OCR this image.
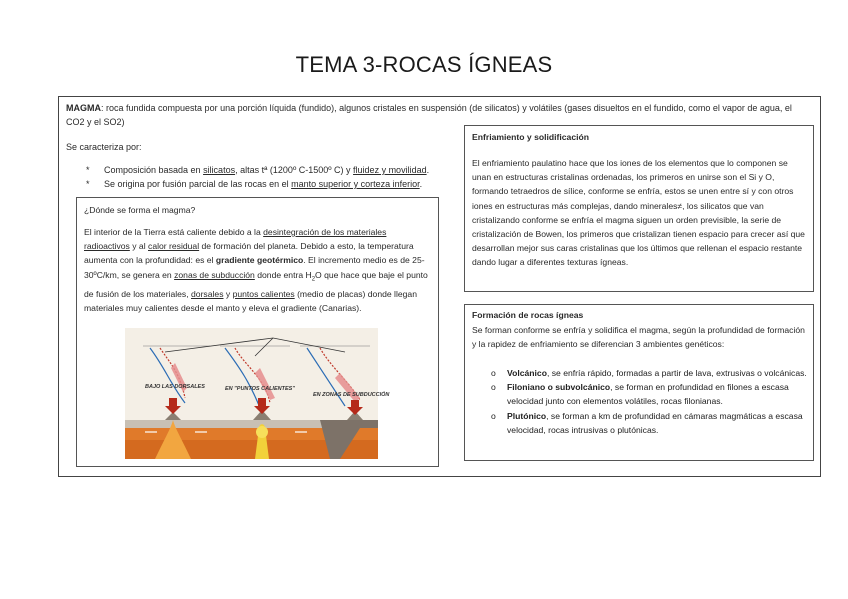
TEMA 3-ROCAS ÍGNEAS
MAGMA: roca fundida compuesta por una porción líquida (fundido), algunos cristales en suspensión (de silicatos) y volátiles (gases disueltos en el fundido, como el vapor de agua, el CO2 y el SO2)
Se caracteriza por:
* Composición basada en silicatos, altas tª (1200º C-1500º C) y fluidez y movilidad.
* Se origina por fusión parcial de las rocas en el manto superior y corteza inferior.
¿Dónde se forma el magma?
El interior de la Tierra está caliente debido a la desintegración de los materiales radioactivos y al calor residual de formación del planeta. Debido a esto, la temperatura aumenta con la profundidad: es el gradiente geotérmico. El incremento medio es de 25-30ºC/km, se genera en zonas de subducción donde entra $H_2O$ que hace que baje el punto de fusión de los materiales, dorsales y puntos calientes (medio de placas) donde llegan materiales muy calientes desde el manto y eleva el gradiente (Canarias).
BAJO LAS DORSALES	EN "PUNTOS CALIENTES"
EN ZONAS DE SUBDUCCIÓN
Enfriamiento y solidificación
El enfriamiento paulatino hace que los iones de los elementos que lo componen se unan en estructuras cristalinas ordenadas, los primeros en unirse son el Si y O, formando tetraedros de sílice, conforme se enfría, estos se unen entre sí y con otros iones en estructuras más complejas, dando minerales≠, los silicatos que van cristalizando conforme se enfría el magma siguen un orden previsible, la serie de cristalización de Bowen, los primeros que cristalizan tienen espacio para crecer así que desarrollan mejor sus caras cristalinas que los últimos que rellenan el espacio restante dando lugar a diferentes texturas ígneas.
Formación de rocas ígneas
Se forman conforme se enfría y solidifica el magma, según la profundidad de formación y la rapidez de enfriamiento se diferencian 3 ambientes genéticos:
o Volcánico, se enfría rápido, formadas a partir de lava, extrusivas o volcánicas.
o Filoniano o subvolcánico, se forman en profundidad en filones a escasa velocidad junto con elementos volátiles, rocas filonianas.
o Plutónico, se forman a km de profundidad en cámaras magmáticas a escasa velocidad, rocas intrusivas o plutónicas.
